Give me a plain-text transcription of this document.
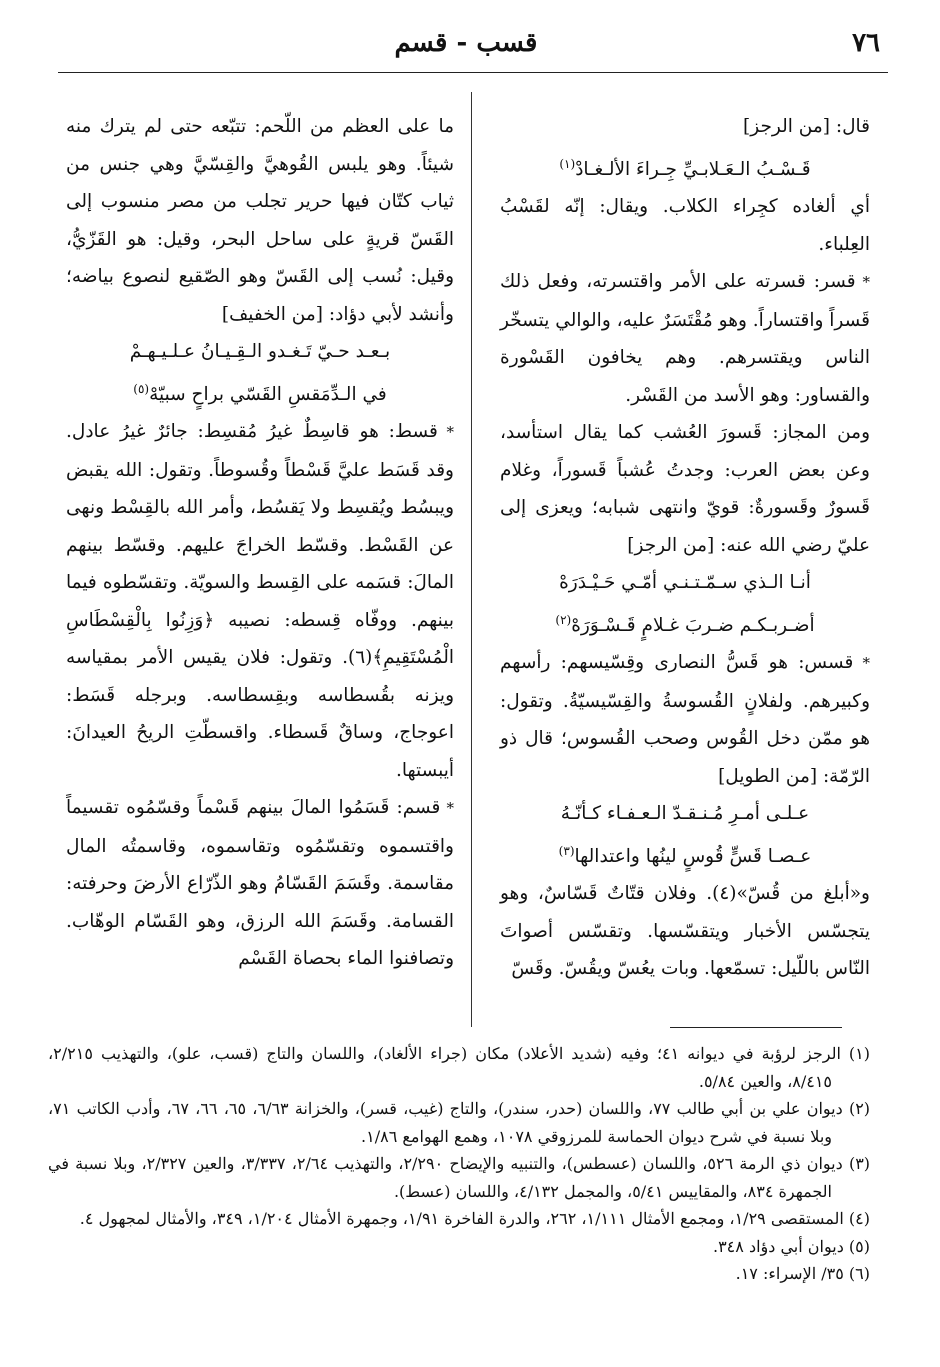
٧٦
قسب - قسم

قال: [من الرجز]

قَـسْـبُ الـعَـلابـيِّ جِـراءَ الألـغـادْ$^{(١)}$

أي ألغاده كجِراء الكلاب. ويقال: إنّه لقَسْبُ العِلباء.

* قسر: قسرته على الأمر واقتسرته، وفعل ذلك قَسراً واقتساراً. وهو مُقْتَسَرٌ عليه، والوالي يتسخّر الناس ويقتسرهم. وهم يخافون القَسْورة والقساور: وهو الأسد من القَسْر.

ومن المجاز: قَسورَ العُشب كما يقال استأسد، وعن بعض العرب: وجدتُ عُشباً قَسوراً، وغلام قَسورٌ وقَسورةٌ: قويّ وانتهى شبابه؛ ويعزى إلى عليّ رضي الله عنه: [من الرجز]

أنـا الـذي سـمّـتـنـي أمّـي حَـيْـدَرَهْ

أضـربـكـم ضـربَ غـلامٍ قَـسْـوَرَهْ$^{(٢)}$

* قسس: هو قَسُّ النصارى وقِسّيسهم: رأسهم وكبيرهم. ولفلانٍ القُسوسةُ والقِسّيسيّةُ. وتقول: هو ممّن دخل القُوس وصحب القُسوس؛ قال ذو الرّمّة: [من الطويل]

عـلـى أمـرِ مُـنـقـدّ الـعـفـاء كـأنّـهُ

عـصـا قَسٍّ قُوسٍ لينُها واعتدالها$^{(٣)}$

و«أبلغ من قُسّ»(٤). وفلان قتّاتٌ قَسّاسٌ، وهو يتجسّس الأخبار ويتقسّسها. وتقسّس أصواتَ النّاس باللّيل: تسمّعها. وبات يعُسّ ويقُسّ. وقَسّ

ما على العظم من اللّحم: تتبّعه حتى لم يترك منه شيئاً. وهو يلبس القُوهيَّ والقِسّيَّ وهي جنس من ثياب كتّان فيها حرير تجلب من مصر منسوب إلى القَسّ قريةٍ على ساحل البحر، وقيل: هو القَزّيُّ، وقيل: نُسب إلى القَسّ وهو الصّقيع لنصوع بياضه؛ وأنشد لأبي دؤاد: [من الخفيف]

بـعـد حـيّ تَـغـدو الـقِـيـانُ عـلـيـهـمْ

في الـدِّمَقسِ القَسّي براحٍ سبيّهْ$^{(٥)}$

* قسط: هو قاسِطٌ غيرُ مُقسِط: جائرٌ غيرُ عادل. وقد قَسَط عليَّ قَسْطاً وقُسوطاً. وتقول: الله يقبض ويبسُط ويُقسِط ولا يَقسُط، وأمر الله بالقِسْط ونهى عن القَسْط. وقسّط الخراجَ عليهم. وقسّط بينهم المالَ: قسَمه على القِسط والسويّة. وتقسّطوه فيما بينهم. ووفّاه قِسطه: نصيبه ﴿وَزِنُوا بِالْقِسْطَاسِ الْمُسْتَقِيمِ﴾(٦). وتقول: فلان يقيس الأمر بمقياسه ويزنه بقُسطاسه وبقِسطاسه. وبرجله قَسَط: اعوجاج، وساقٌ قَسطاء. واقسطّتِ الريحُ العيدانَ: أيبستها.

* قسم: قَسَمُوا المالَ بينهم قَسْماً وقسّمُوه تقسيماً واقتسموه وتقسّمُوه وتقاسموه، وقاسمتُه المال مقاسمة. وقَسَمَ القَسّامُ وهو الذّرّاع الأرضَ وحرفته: القسامة. وقَسَمَ الله الرزق، وهو القَسّام الوهّاب. وتصافنوا الماء بحصاة القَسْم

(١) الرجز لرؤبة في ديوانه ٤١؛ وفيه (شديد الأعلاد) مكان (جراء الألغاد)، واللسان والتاج (قسب، علو)، والتهذيب ٢/٢١٥، ٨/٤١٥، والعين ٥/٨٤.
(٢) ديوان علي بن أبي طالب ٧٧، واللسان (حدر، سندر)، والتاج (غيب، قسر)، والخزانة ٦/٦٣، ٦٥، ٦٦، ٦٧، وأدب الكاتب ٧١، وبلا نسبة في شرح ديوان الحماسة للمرزوقي ١٠٧٨، وهمع الهوامع ١/٨٦.
(٣) ديوان ذي الرمة ٥٢٦، واللسان (عسطس)، والتنبيه والإيضاح ٢/٢٩٠، والتهذيب ٢/٦٤، ٣/٣٣٧، والعين ٢/٣٢٧، وبلا نسبة في الجمهرة ٨٣٤، والمقاييس ٥/٤١، والمجمل ٤/١٣٢، واللسان (عسط).
(٤) المستقصى ١/٢٩، ومجمع الأمثال ١/١١١، ٢٦٢، والدرة الفاخرة ١/٩١، وجمهرة الأمثال ١/٢٠٤، ٣٤٩، والأمثال لمجهول ٤.
(٥) ديوان أبي دؤاد ٣٤٨.
(٦) ٣٥/ الإسراء: ١٧.
